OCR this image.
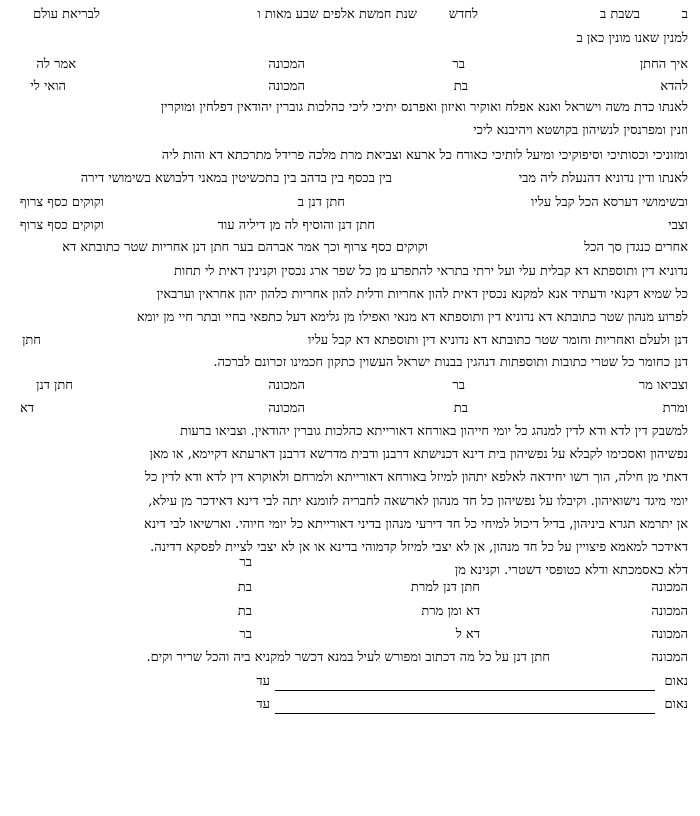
ב
בשבת ב
לחדש
שנת חמשת אלפים שבע מאות ו
לבריאת עולם
למנין שאנו מונין כאן ב
איך החתן
בר
המכונה
אמר לה
להדא
בת
המכונה
הואי לי
לאנתו כדת משה וישראל ואנא אפלח ואוקיר ואיזון ואפרנס יתיכי ליכי כהלכות גוברין יהודאין דפלחין ומוקרין
וזנין ומפרנסין לנשיהון בקושטא ויהיבנא ליכי
ומזוניכי וכסותיכי וסיפוקיכי ומיעל לותיכי כאורח כל ארעא וצביאת מרת מלכה פרידל מתרכתא דא והות ליה
לאנתו ודין נדוניא דהנעלת ליה מבי
בין בכסף בין בדהב בין בתכשיטין במאני דלבושא בשימושי דירה
ובשימושי דערסא הכל קבל עליו
חתן דנן ב
וקוקים כסף צרוף
וצבי
חתן דנן והוסיף לה מן דיליה עוד
וקוקים כסף צרוף
אחרים כנגדן סך הכל
וקוקים כסף צרוף וכך אמר אברהם בער חתן דנן אחריות שטר כתובתא דא
נדוניא דין ותוספתא דא קבלית עלי ועל ירתי בתראי להתפרע מן כל שפר ארג נכסין וקנינין דאית לי תחות
כל שמיא דקנאי ודעתיד אנא למקנא נכסין דאית להון אחריות ודלית להון אחריות כלהון יהון אחראין וערבאין
לפרוע מנהון שטר כתובתא דא נדוניא דין ותוספתא דא מנאי ואפילו מן גלימא דעל כתפאי בחיי ובתר חיי מן יומא
דנן ולעלם ואחריות וחומר שטר כתובתא דא נדוניא דין ותוספתא דא קבל עליו
חתן
דנן כחומר כל שטרי כתובות ותוספתות דנהגין בבנות ישראל העשוין כתקון חכמינו זכרונם לברכה.
וצביאו מר
בר
המכונה
חתן דנן
ומרת
בת
המכונה
דא
למשבק דין לדא ודא לדין למנהג כל יומי חייהון באורחא דאורייתא כהלכות גוברין יהודאין. וצביאו ברעות
נפשיהון ואסכימו לקבלא על נפשיהון בית דינא דכנישתא דרבנן ודבית מדרשא דרבנן דארעתא דקיימא, או מאן
דאתי מן חילה, הוך רשו יחידאה לאלפא יתהון למיזל באורחא דאורייתא ולמרחם ולאוקרא דין לדא ודא לדין כל
יומי מיגד נישואיהון. וקיבלו על נפשיהון כל חד מנהון לארשאה לחבריה לזומנא יתה לבי דינא דאידכר מן עילא,
אן יתרמא תגרא ביניהון, בדיל דיכול למיחי כל חד דירעי מנהון בדיני דאורייתא כל יומי חיוהי. וארשיאו לבי דינא
דאידכר למאמא פיצויין על כל חד מנהון, אן לא יצבי למיזל קדמוהי בדינא או אן לא יצבי לציית לפסקא דדינה.
דלא כאסמכתא ודלא כטופסי דשטרי. וקנינא מן
בר
המכונה
חתן דנן למרת
בת
המכונה
דא ומן מרת
בת
המכונה
דא ל
בר
המכונה
חתן דנן על כל מה דכתוב ומפורש לעיל במנא דכשר למקניא ביה והכל שריר וקים.
נאום
עד
נאום
עד
